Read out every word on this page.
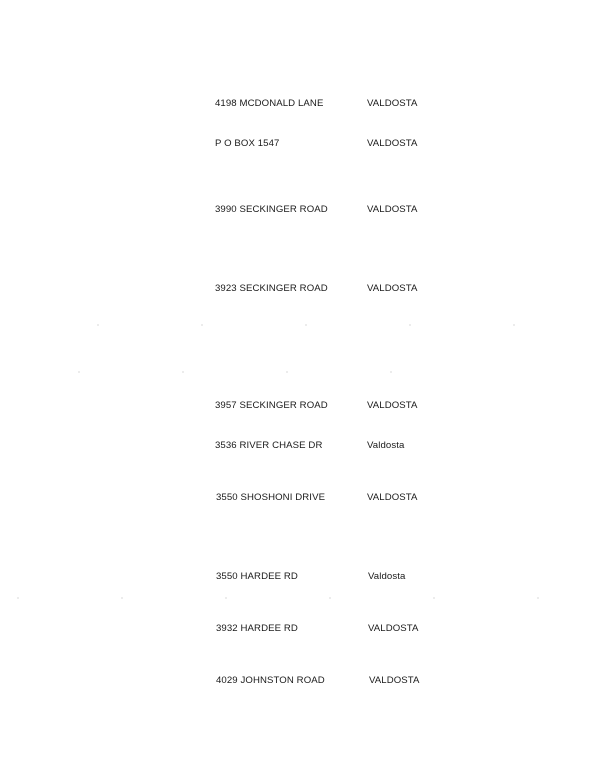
4198 MCDONALD LANE	VALDOSTA
P O BOX 1547	VALDOSTA
3990 SECKINGER ROAD	VALDOSTA
3923 SECKINGER ROAD	VALDOSTA
3957 SECKINGER ROAD	VALDOSTA
3536 RIVER CHASE DR	Valdosta
3550 SHOSHONI DRIVE	VALDOSTA
3550 HARDEE RD	Valdosta
3932 HARDEE RD	VALDOSTA
4029 JOHNSTON ROAD	VALDOSTA
